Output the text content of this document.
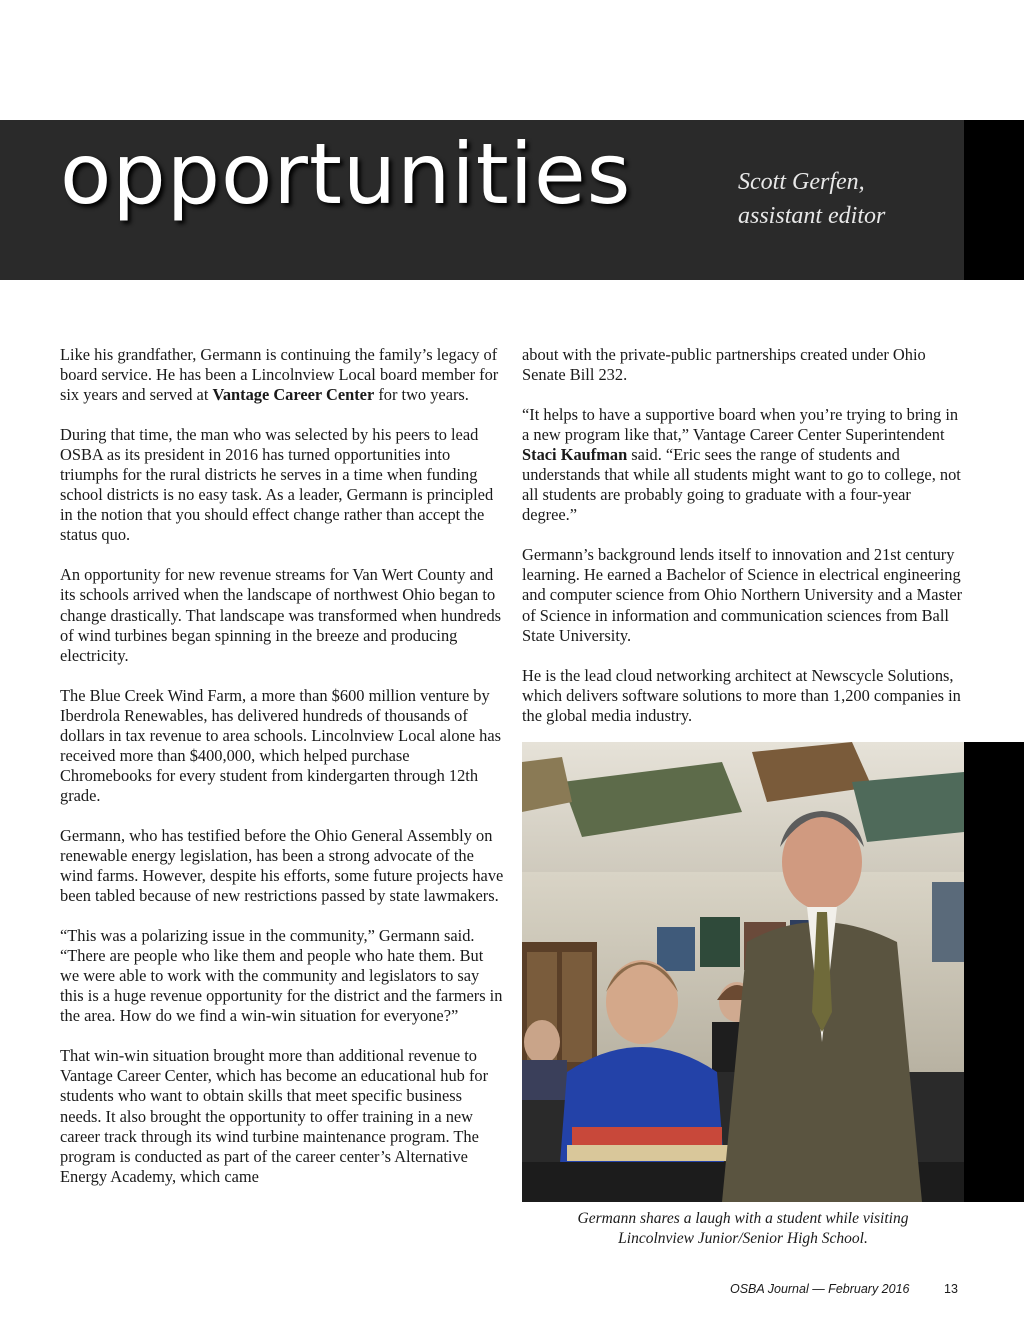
opportunities	Scott Gerfen,
assistant editor

Like his grandfather, Germann is continuing the family’s legacy of board service. He has been a Lincolnview Local board member for six years and served at Vantage Career Center for two years.

During that time, the man who was selected by his peers to lead OSBA as its president in 2016 has turned opportunities into triumphs for the rural districts he serves in a time when funding school districts is no easy task. As a leader, Germann is principled in the notion that you should effect change rather than accept the status quo.

An opportunity for new revenue streams for Van Wert County and its schools arrived when the landscape of northwest Ohio began to change drastically. That landscape was transformed when hundreds of wind turbines began spinning in the breeze and producing electricity.

The Blue Creek Wind Farm, a more than $600 million venture by Iberdrola Renewables, has delivered hundreds of thousands of dollars in tax revenue to area schools. Lincolnview Local alone has received more than $400,000, which helped purchase Chromebooks for every student from kindergarten through 12th grade.

Germann, who has testified before the Ohio General Assembly on renewable energy legislation, has been a strong advocate of the wind farms. However, despite his efforts, some future projects have been tabled because of new restrictions passed by state lawmakers.

“This was a polarizing issue in the community,” Germann said. “There are people who like them and people who hate them. But we were able to work with the community and legislators to say this is a huge revenue opportunity for the district and the farmers in the area. How do we find a win-win situation for everyone?”

That win-win situation brought more than additional revenue to Vantage Career Center, which has become an educational hub for students who want to obtain skills that meet specific business needs. It also brought the opportunity to offer training in a new career track through its wind turbine maintenance program. The program is conducted as part of the career center’s Alternative Energy Academy, which came

about with the private-public partnerships created under Ohio Senate Bill 232.

“It helps to have a supportive board when you’re trying to bring in a new program like that,” Vantage Career Center Superintendent Staci Kaufman said. “Eric sees the range of students and understands that while all students might want to go to college, not all students are probably going to graduate with a four-year degree.”

Germann’s background lends itself to innovation and 21st century learning. He earned a Bachelor of Science in electrical engineering and computer science from Ohio Northern University and a Master of Science in information and communication sciences from Ball State University.

He is the lead cloud networking architect at Newscycle Solutions, which delivers software solutions to more than 1,200 companies in the global media industry.

Germann shares a laugh with a student while visiting
Lincolnview Junior/Senior High School.
OSBA Journal — February 2016	13
